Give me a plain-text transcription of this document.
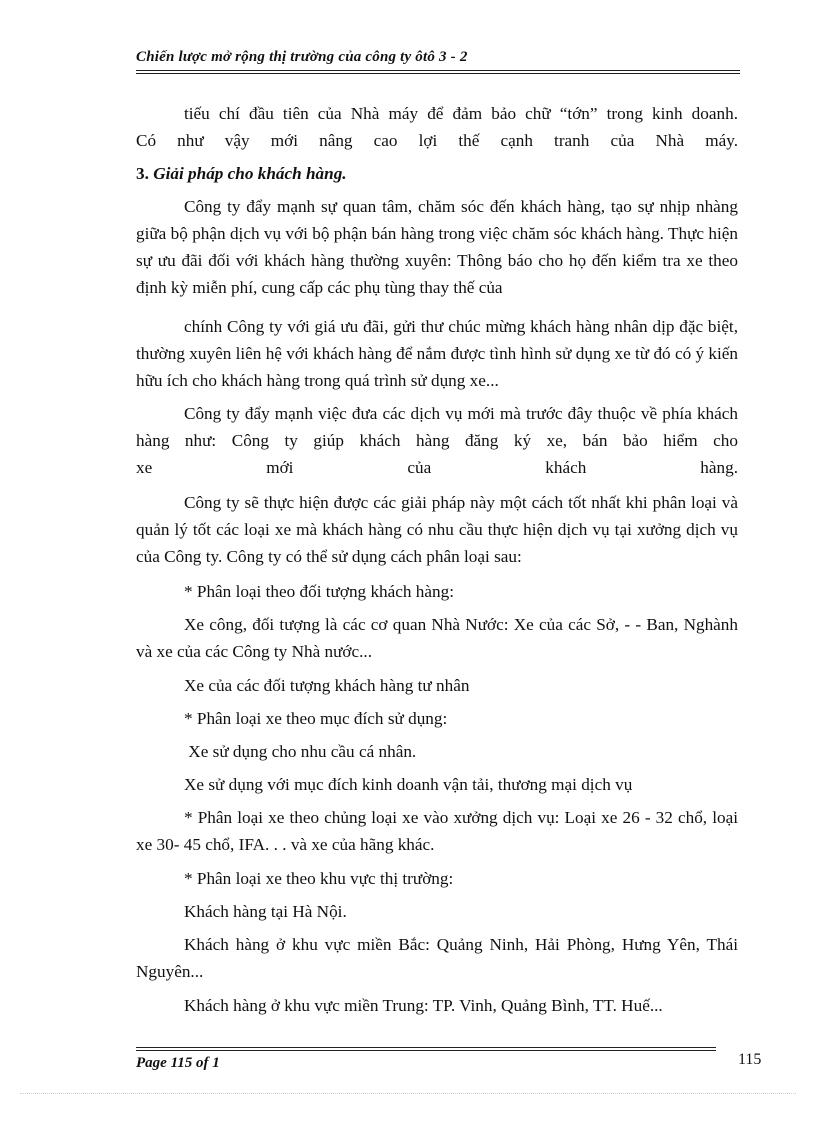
Chiến lược mở rộng thị trường của công ty ôtô 3 - 2
tiếu chí đầu tiên của Nhà máy để đảm bảo chữ “tớn” trong kinh doanh.
Có như vậy mới nâng cao lợi thế cạnh tranh của Nhà máy.
3. Giải pháp cho khách hàng.
Công ty đẩy mạnh sự quan tâm, chăm sóc đến khách hàng, tạo sự nhịp nhàng giữa bộ phận dịch vụ với bộ phận bán hàng trong việc chăm sóc khách hàng. Thực hiện sự ưu đãi đối với khách hàng thường xuyên: Thông báo cho họ đến kiểm tra xe theo định kỳ miễn phí, cung cấp các phụ tùng thay thế của
chính Công ty với giá ưu đãi, gửi thư chúc mừng khách hàng nhân dịp đặc biệt, thường xuyên liên hệ với khách hàng để nắm được tình hình sử dụng xe từ đó có ý kiến hữu ích cho khách hàng trong quá trình sử dụng xe...
Công ty đẩy mạnh việc đưa các dịch vụ mới mà trước đây thuộc về phía khách hàng như: Công ty giúp khách hàng đăng ký xe, bán bảo hiểm cho
xe mới của khách hàng.
Công ty sẽ thực hiện được các giải pháp này một cách tốt nhất khi phân loại và quản lý tốt các loại xe mà khách hàng có nhu cầu thực hiện dịch vụ tại xưởng dịch vụ của Công ty. Công ty có thể sử dụng cách phân loại sau:
* Phân loại theo đối tượng khách hàng:
Xe công, đối tượng là các cơ quan Nhà Nước: Xe của các Sở, - - Ban, Nghành và xe của các Công ty Nhà nước...
Xe của các đối tượng khách hàng tư nhân
* Phân loại xe theo mục đích sử dụng:
Xe sử dụng cho nhu cầu cá nhân.
Xe sử dụng với mục đích kinh doanh vận tải, thương mại dịch vụ
* Phân loại xe theo chủng loại xe vào xưởng dịch vụ: Loại xe 26 - 32 chổ, loại xe 30- 45 chổ, IFA. . . và xe của hãng khác.
* Phân loại xe theo khu vực thị trường:
Khách hàng tại Hà Nội.
Khách hàng ở khu vực miền Bắc: Quảng Ninh, Hải Phòng, Hưng Yên, Thái Nguyên...
Khách hàng ở khu vực miền Trung: TP. Vinh, Quảng Bình, TT. Huế...
Page 115 of 1	115
